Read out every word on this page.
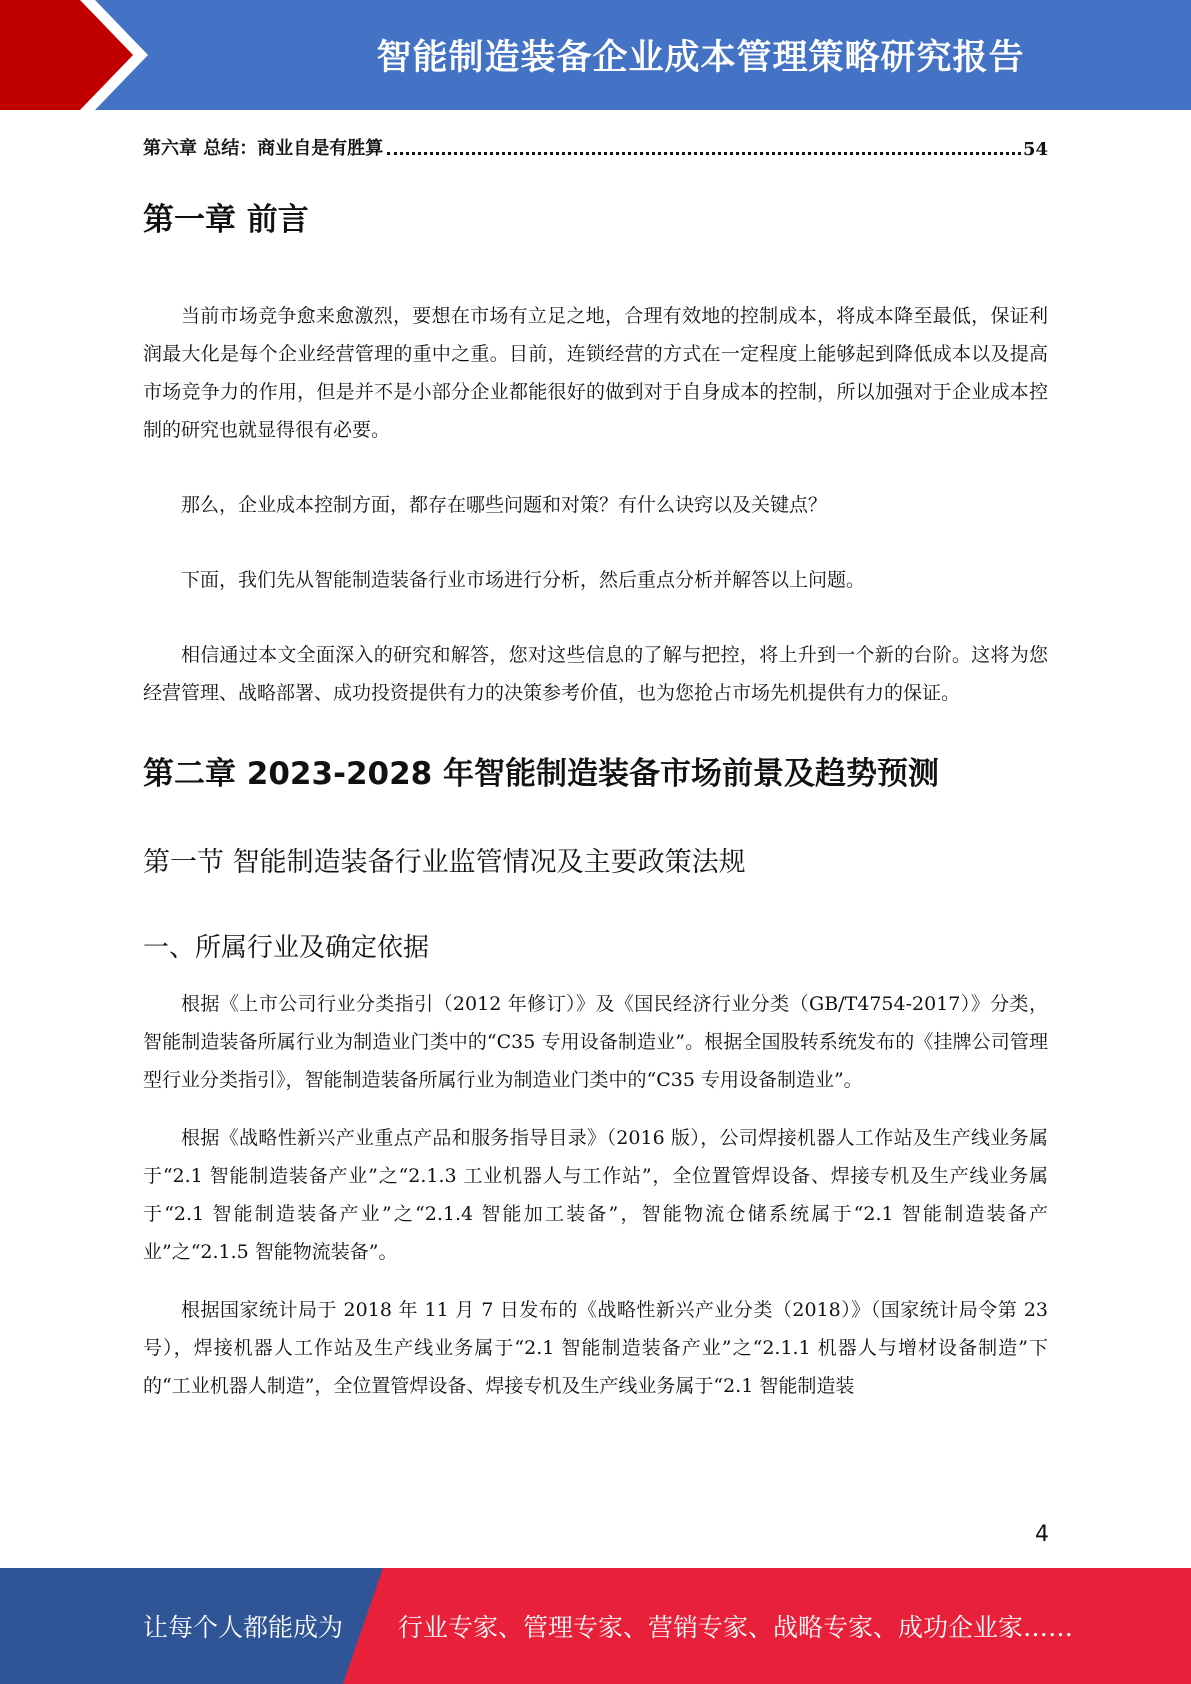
智能制造装备企业成本管理策略研究报告
第六章 总结：商业自是有胜算	54
第一章 前言

当前市场竞争愈来愈激烈，要想在市场有立足之地，合理有效地的控制成本，将成本降至最低，保证利润最大化是每个企业经营管理的重中之重。目前，连锁经营的方式在一定程度上能够起到降低成本以及提高市场竞争力的作用，但是并不是小部分企业都能很好的做到对于自身成本的控制，所以加强对于企业成本控制的研究也就显得很有必要。

那么，企业成本控制方面，都存在哪些问题和对策？有什么诀窍以及关键点？

下面，我们先从智能制造装备行业市场进行分析，然后重点分析并解答以上问题。

相信通过本文全面深入的研究和解答，您对这些信息的了解与把控，将上升到一个新的台阶。这将为您经营管理、战略部署、成功投资提供有力的决策参考价值，也为您抢占市场先机提供有力的保证。

第二章 2023-2028 年智能制造装备市场前景及趋势预测
第一节 智能制造装备行业监管情况及主要政策法规
一、所属行业及确定依据

根据《上市公司行业分类指引（2012 年修订）》及《国民经济行业分类（GB/T4754-2017）》分类，智能制造装备所属行业为制造业门类中的“C35 专用设备制造业”。根据全国股转系统发布的《挂牌公司管理型行业分类指引》，智能制造装备所属行业为制造业门类中的“C35 专用设备制造业”。

根据《战略性新兴产业重点产品和服务指导目录》（2016 版），公司焊接机器人工作站及生产线业务属于“2.1 智能制造装备产业”之“2.1.3 工业机器人与工作站”，全位置管焊设备、焊接专机及生产线业务属于“2.1 智能制造装备产业”之“2.1.4 智能加工装备”，智能物流仓储系统属于“2.1 智能制造装备产业”之“2.1.5 智能物流装备”。

根据国家统计局于 2018 年 11 月 7 日发布的《战略性新兴产业分类（2018）》（国家统计局令第 23 号），焊接机器人工作站及生产线业务属于“2.1 智能制造装备产业”之“2.1.1 机器人与增材设备制造”下的“工业机器人制造”，全位置管焊设备、焊接专机及生产线业务属于“2.1 智能制造装

4
让每个人都能成为 行业专家、管理专家、营销专家、战略专家、成功企业家……
